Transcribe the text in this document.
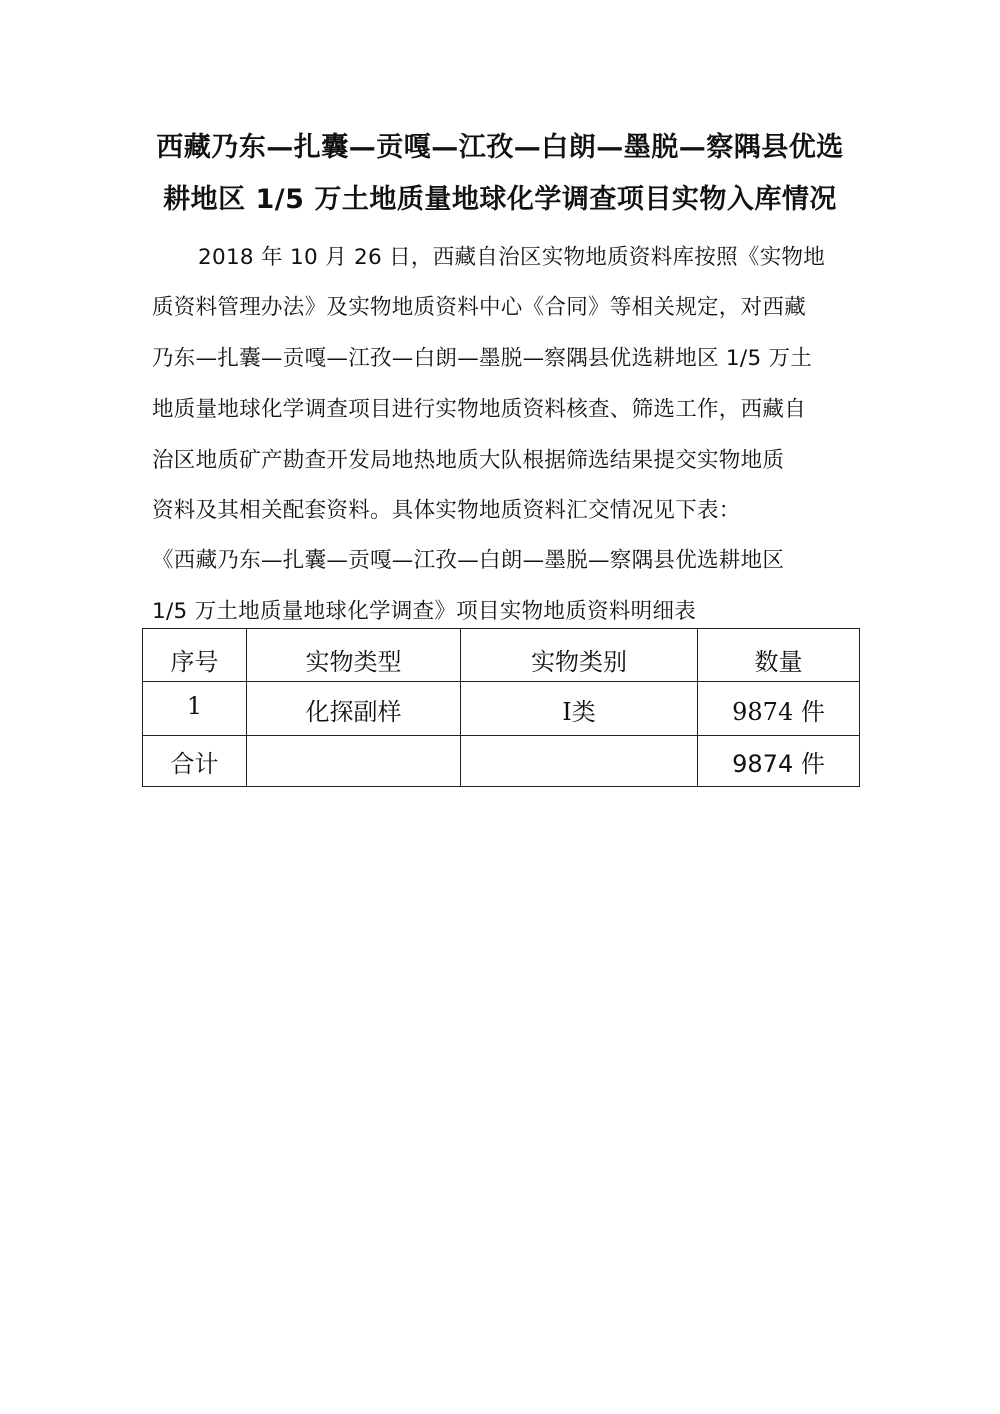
西藏乃东—扎囊—贡嘎—江孜—白朗—墨脱—察隅县优选
耕地区 1/5 万土地质量地球化学调查项目实物入库情况
2018 年 10 月 26 日，西藏自治区实物地质资料库按照《实物地
质资料管理办法》及实物地质资料中心《合同》等相关规定，对西藏
乃东—扎囊—贡嘎—江孜—白朗—墨脱—察隅县优选耕地区 1/5 万土
地质量地球化学调查项目进行实物地质资料核查、筛选工作，西藏自
治区地质矿产勘查开发局地热地质大队根据筛选结果提交实物地质
资料及其相关配套资料。具体实物地质资料汇交情况见下表：
《西藏乃东—扎囊—贡嘎—江孜—白朗—墨脱—察隅县优选耕地区
1/5 万土地质量地球化学调查》项目实物地质资料明细表
序号	实物类型	实物类别	数量
1	化探副样	Ⅰ类	9874 件
合计			9874 件
